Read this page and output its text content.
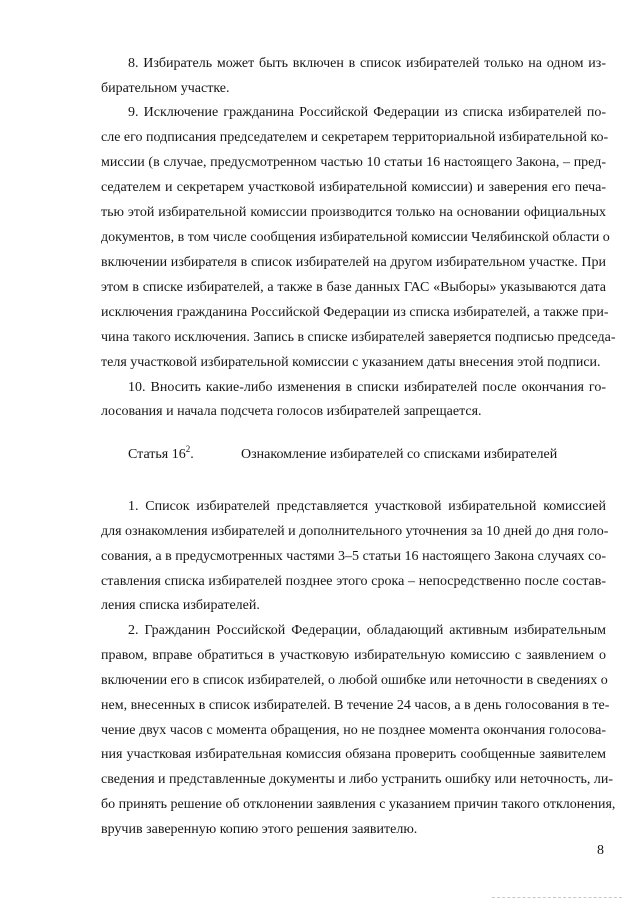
8. Избиратель может быть включен в список избирателей только на одном из-
бирательном участке.
9. Исключение гражданина Российской Федерации из списка избирателей по-
сле его подписания председателем и секретарем территориальной избирательной ко-
миссии (в случае, предусмотренном частью 10 статьи 16 настоящего Закона, – пред-
седателем и секретарем участковой избирательной комиссии) и заверения его печа-
тью этой избирательной комиссии производится только на основании официальных
документов, в том числе сообщения избирательной комиссии Челябинской области о
включении избирателя в список избирателей на другом избирательном участке. При
этом в списке избирателей, а также в базе данных ГАС «Выборы» указываются дата
исключения гражданина Российской Федерации из списка избирателей, а также при-
чина такого исключения. Запись в списке избирателей заверяется подписью председа-
теля участковой избирательной комиссии с указанием даты внесения этой подписи.
10. Вносить какие-либо изменения в списки избирателей после окончания го-
лосования и начала подсчета голосов избирателей запрещается.
Статья $16^2$.	Ознакомление избирателей со списками избирателей
1. Список избирателей представляется участковой избирательной комиссией
для ознакомления избирателей и дополнительного уточнения за 10 дней до дня голо-
сования, а в предусмотренных частями 3–5 статьи 16 настоящего Закона случаях со-
ставления списка избирателей позднее этого срока – непосредственно после состав-
ления списка избирателей.
2. Гражданин Российской Федерации, обладающий активным избирательным
правом, вправе обратиться в участковую избирательную комиссию с заявлением о
включении его в список избирателей, о любой ошибке или неточности в сведениях о
нем, внесенных в список избирателей. В течение 24 часов, а в день голосования в те-
чение двух часов с момента обращения, но не позднее момента окончания голосова-
ния участковая избирательная комиссия обязана проверить сообщенные заявителем
сведения и представленные документы и либо устранить ошибку или неточность, ли-
бо принять решение об отклонении заявления с указанием причин такого отклонения,
вручив заверенную копию этого решения заявителю.
8
